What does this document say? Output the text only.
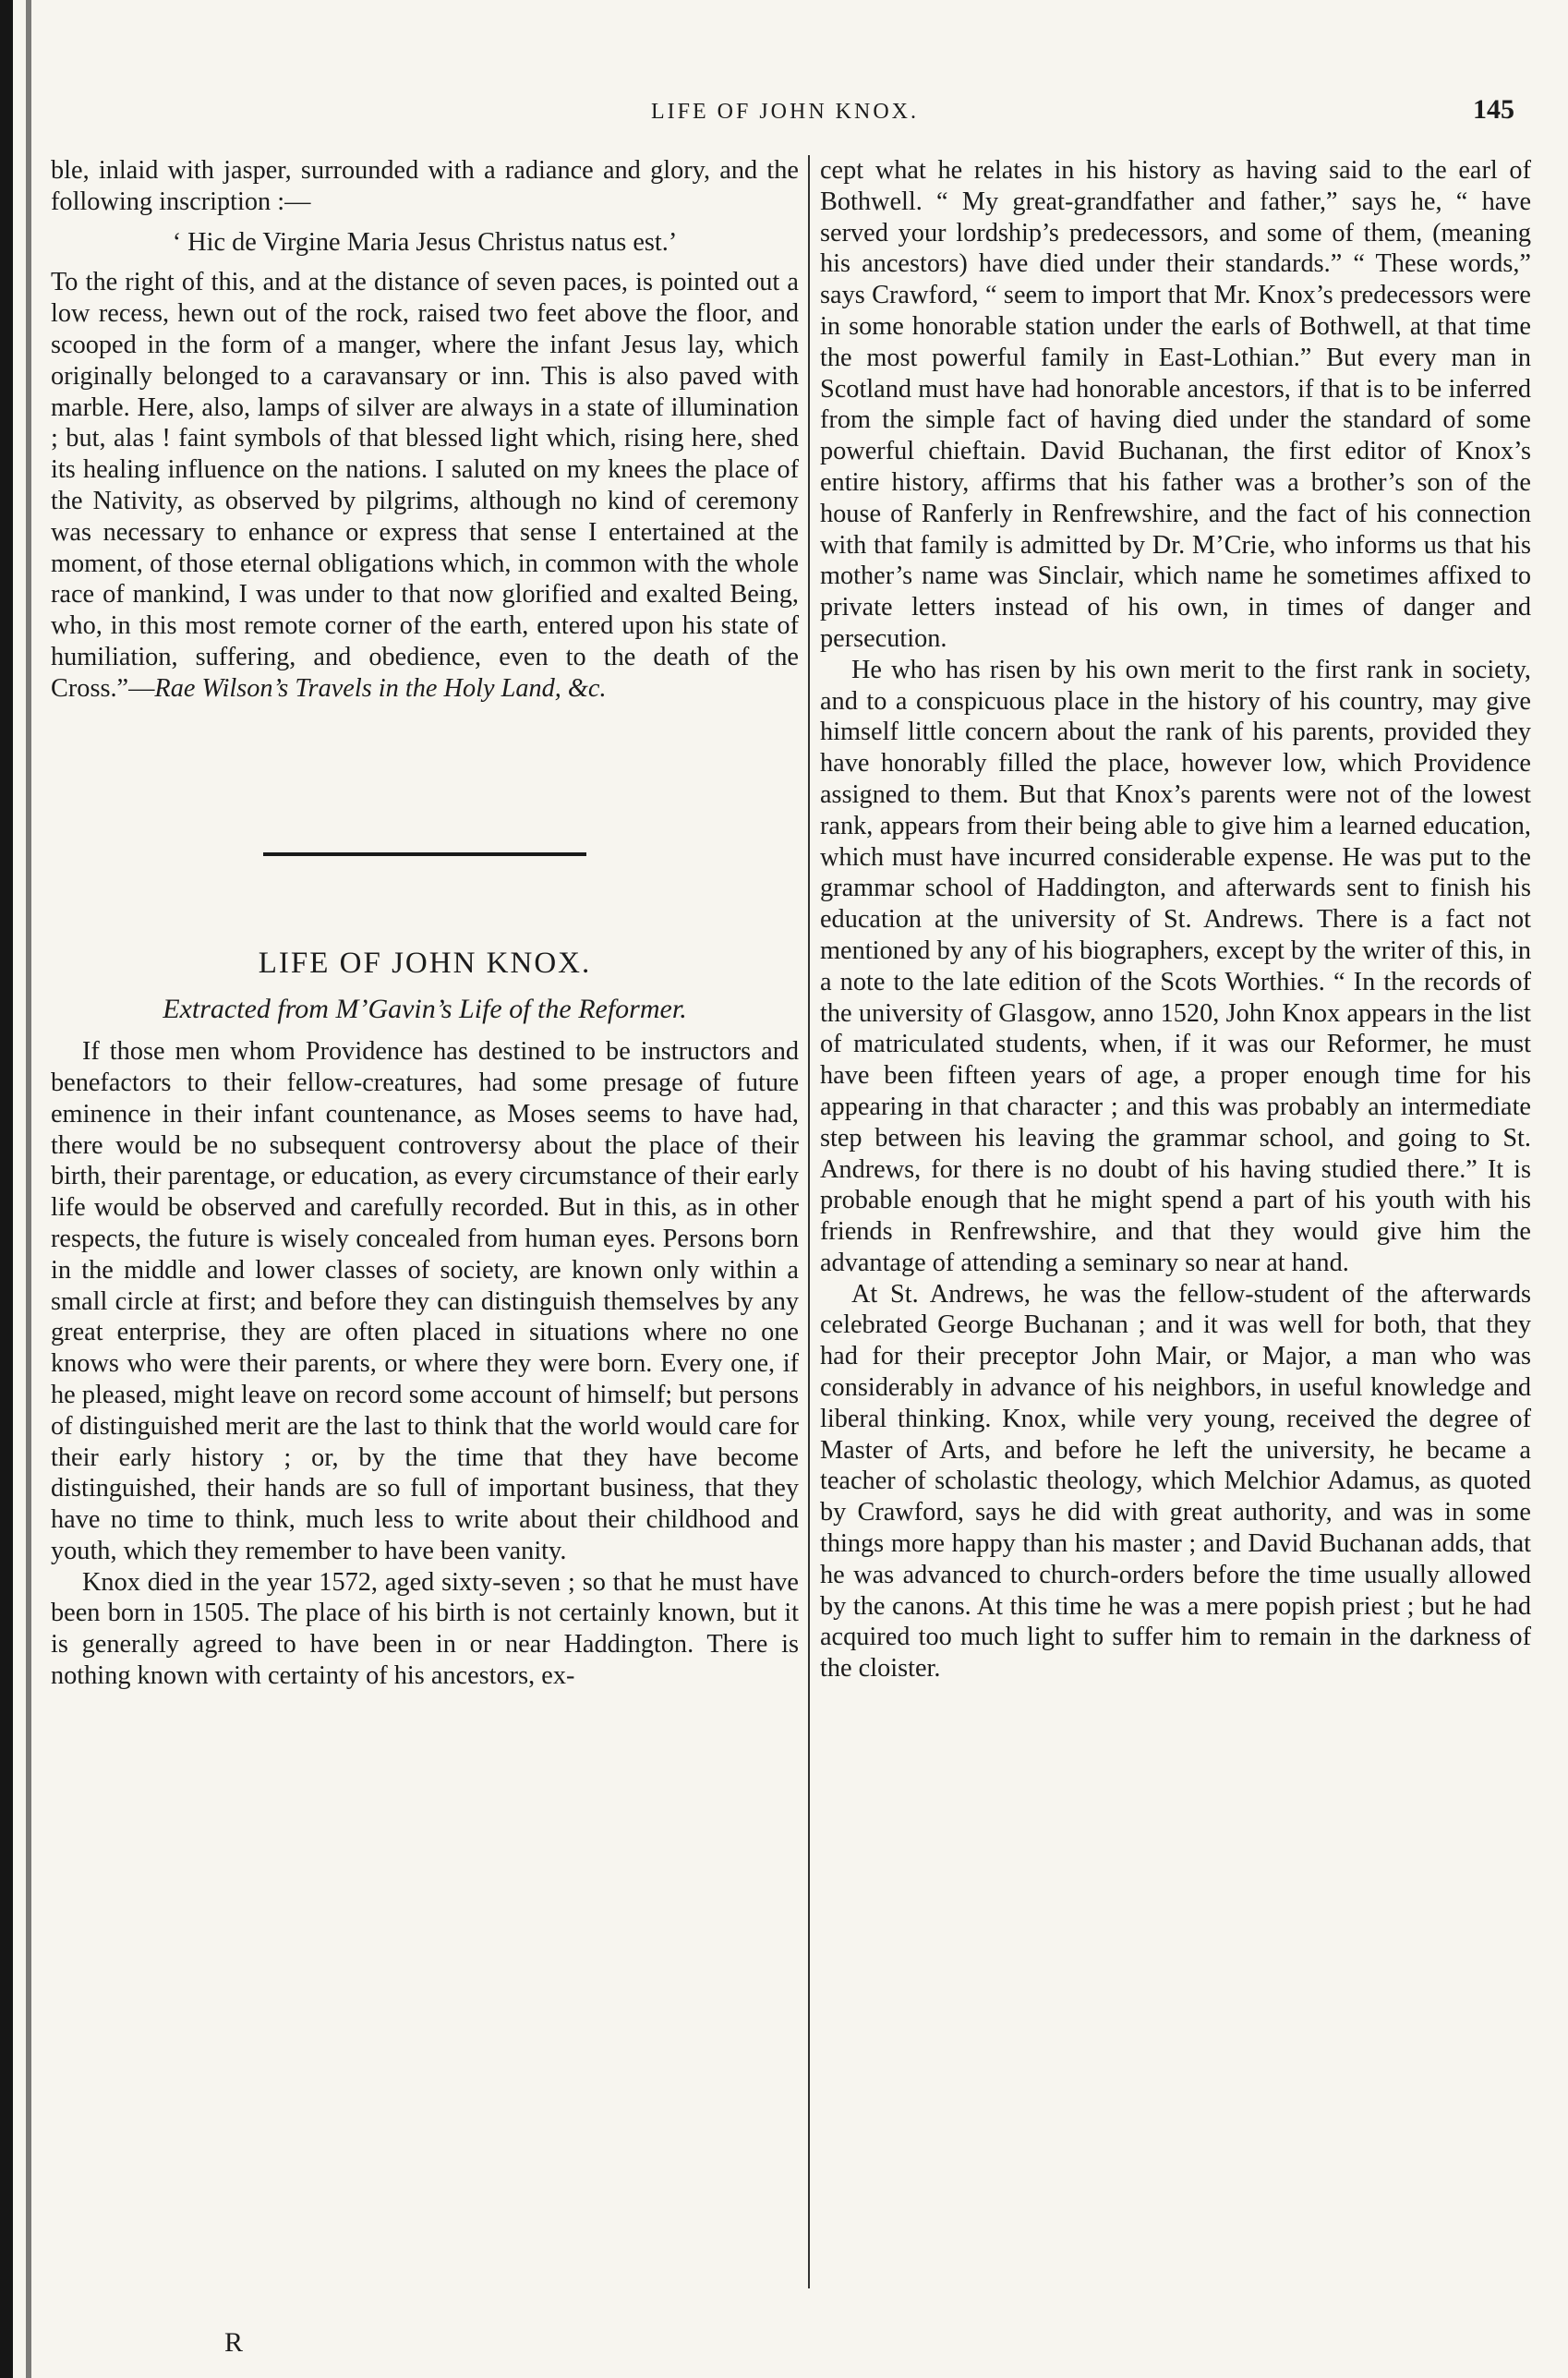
LIFE OF JOHN KNOX.	145

ble, inlaid with jasper, surrounded with a radiance and glory, and the following inscription :—

‘ Hic de Virgine Maria Jesus Christus natus est.’

To the right of this, and at the distance of seven paces, is pointed out a low recess, hewn out of the rock, raised two feet above the floor, and scooped in the form of a manger, where the infant Jesus lay, which originally belonged to a caravansary or inn. This is also paved with marble. Here, also, lamps of silver are always in a state of illumination ; but, alas ! faint symbols of that blessed light which, rising here, shed its healing influence on the nations. I saluted on my knees the place of the Nativity, as observed by pilgrims, although no kind of ceremony was necessary to enhance or express that sense I entertained at the moment, of those eternal obligations which, in common with the whole race of mankind, I was under to that now glorified and exalted Being, who, in this most remote corner of the earth, entered upon his state of humiliation, suffering, and obedience, even to the death of the Cross.”—Rae Wilson’s Travels in the Holy Land, &c.

LIFE OF JOHN KNOX.

Extracted from M’Gavin’s Life of the Reformer.

If those men whom Providence has destined to be instructors and benefactors to their fellow-creatures, had some presage of future eminence in their infant countenance, as Moses seems to have had, there would be no subsequent controversy about the place of their birth, their parentage, or education, as every circumstance of their early life would be observed and carefully recorded. But in this, as in other respects, the future is wisely concealed from human eyes. Persons born in the middle and lower classes of society, are known only within a small circle at first; and before they can distinguish themselves by any great enterprise, they are often placed in situations where no one knows who were their parents, or where they were born. Every one, if he pleased, might leave on record some account of himself; but persons of distinguished merit are the last to think that the world would care for their early history ; or, by the time that they have become distinguished, their hands are so full of important business, that they have no time to think, much less to write about their childhood and youth, which they remember to have been vanity.

Knox died in the year 1572, aged sixty-seven ; so that he must have been born in 1505. The place of his birth is not certainly known, but it is generally agreed to have been in or near Haddington. There is nothing known with certainty of his ancestors, ex-

cept what he relates in his history as having said to the earl of Bothwell. “ My great-grandfather and father,” says he, “ have served your lordship’s predecessors, and some of them, (meaning his ancestors) have died under their standards.” “ These words,” says Crawford, “ seem to import that Mr. Knox’s predecessors were in some honorable station under the earls of Bothwell, at that time the most powerful family in East-Lothian.” But every man in Scotland must have had honorable ancestors, if that is to be inferred from the simple fact of having died under the standard of some powerful chieftain. David Buchanan, the first editor of Knox’s entire history, affirms that his father was a brother’s son of the house of Ranferly in Renfrewshire, and the fact of his connection with that family is admitted by Dr. M’Crie, who informs us that his mother’s name was Sinclair, which name he sometimes affixed to private letters instead of his own, in times of danger and persecution.

He who has risen by his own merit to the first rank in society, and to a conspicuous place in the history of his country, may give himself little concern about the rank of his parents, provided they have honorably filled the place, however low, which Providence assigned to them. But that Knox’s parents were not of the lowest rank, appears from their being able to give him a learned education, which must have incurred considerable expense. He was put to the grammar school of Haddington, and afterwards sent to finish his education at the university of St. Andrews. There is a fact not mentioned by any of his biographers, except by the writer of this, in a note to the late edition of the Scots Worthies. “ In the records of the university of Glasgow, anno 1520, John Knox appears in the list of matriculated students, when, if it was our Reformer, he must have been fifteen years of age, a proper enough time for his appearing in that character ; and this was probably an intermediate step between his leaving the grammar school, and going to St. Andrews, for there is no doubt of his having studied there.” It is probable enough that he might spend a part of his youth with his friends in Renfrewshire, and that they would give him the advantage of attending a seminary so near at hand.

At St. Andrews, he was the fellow-student of the afterwards celebrated George Buchanan ; and it was well for both, that they had for their preceptor John Mair, or Major, a man who was considerably in advance of his neighbors, in useful knowledge and liberal thinking. Knox, while very young, received the degree of Master of Arts, and before he left the university, he became a teacher of scholastic theology, which Melchior Adamus, as quoted by Crawford, says he did with great authority, and was in some things more happy than his master ; and David Buchanan adds, that he was advanced to church-orders before the time usually allowed by the canons. At this time he was a mere popish priest ; but he had acquired too much light to suffer him to remain in the darkness of the cloister.

R
